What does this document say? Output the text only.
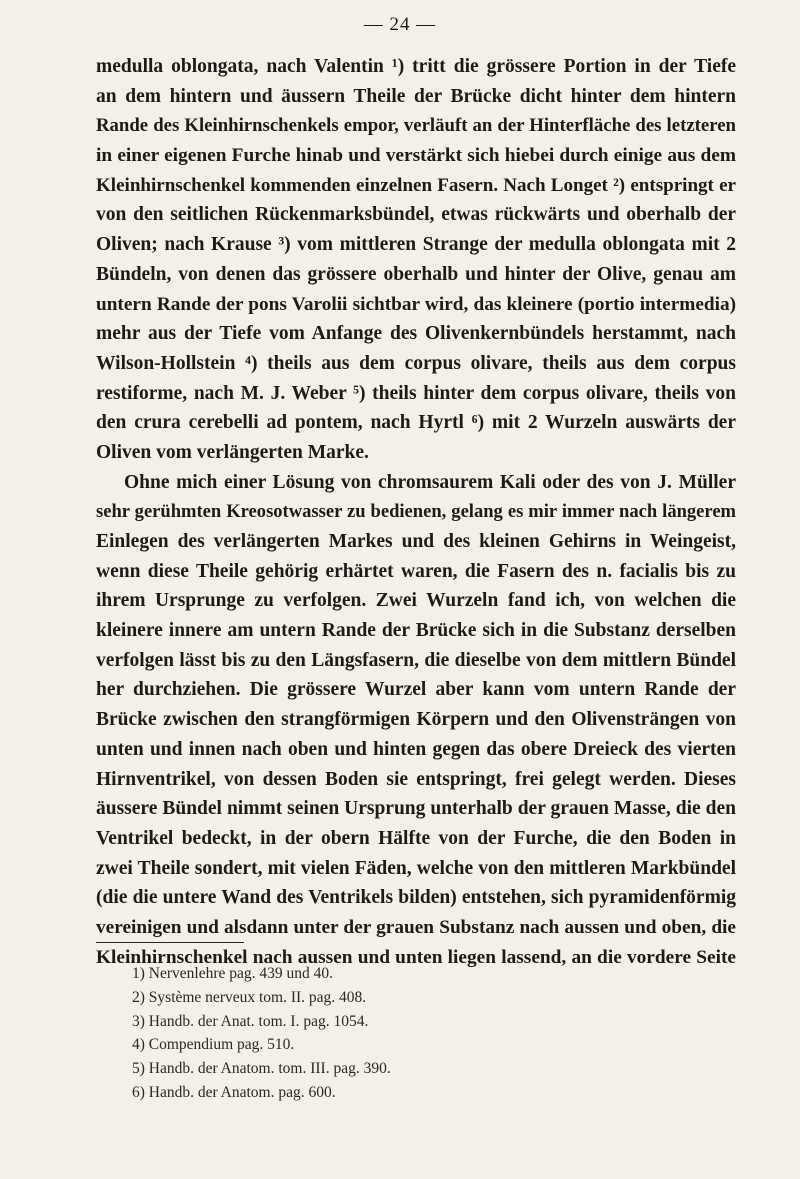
— 24 —
medulla oblongata, nach Valentin ¹) tritt die grössere Portion in der Tiefe
an dem hintern und äussern Theile der Brücke dicht hinter dem hintern
Rande des Kleinhirnschenkels empor, verläuft an der Hinterfläche des letzteren
in einer eigenen Furche hinab und verstärkt sich hiebei durch einige aus dem
Kleinhirnschenkel kommenden einzelnen Fasern. Nach Longet ²) entspringt er
von den seitlichen Rückenmarksbündel, etwas rückwärts und oberhalb der
Oliven; nach Krause ³) vom mittleren Strange der medulla oblongata mit 2
Bündeln, von denen das grössere oberhalb und hinter der Olive, genau am
untern Rande der pons Varolii sichtbar wird, das kleinere (portio intermedia)
mehr aus der Tiefe vom Anfange des Olivenkernbündels herstammt, nach
Wilson-Hollstein ⁴) theils aus dem corpus olivare, theils aus dem corpus
restiforme, nach M. J. Weber ⁵) theils hinter dem corpus olivare, theils von
den crura cerebelli ad pontem, nach Hyrtl ⁶) mit 2 Wurzeln auswärts der
Oliven vom verlängerten Marke.
Ohne mich einer Lösung von chromsaurem Kali oder des von J. Müller
sehr gerühmten Kreosotwasser zu bedienen, gelang es mir immer nach längerem
Einlegen des verlängerten Markes und des kleinen Gehirns in Weingeist,
wenn diese Theile gehörig erhärtet waren, die Fasern des n. facialis bis zu
ihrem Ursprunge zu verfolgen. Zwei Wurzeln fand ich, von welchen die
kleinere innere am untern Rande der Brücke sich in die Substanz derselben
verfolgen lässt bis zu den Längsfasern, die dieselbe von dem mittlern Bündel
her durchziehen. Die grössere Wurzel aber kann vom untern Rande der
Brücke zwischen den strangförmigen Körpern und den Olivensträngen von
unten und innen nach oben und hinten gegen das obere Dreieck des vierten
Hirnventrikel, von dessen Boden sie entspringt, frei gelegt werden. Dieses
äussere Bündel nimmt seinen Ursprung unterhalb der grauen Masse, die den
Ventrikel bedeckt, in der obern Hälfte von der Furche, die den Boden in
zwei Theile sondert, mit vielen Fäden, welche von den mittleren Markbündel
(die die untere Wand des Ventrikels bilden) entstehen, sich pyramidenförmig
vereinigen und alsdann unter der grauen Substanz nach aussen und oben, die
Kleinhirnschenkel nach aussen und unten liegen lassend, an die vordere Seite
1) Nervenlehre pag. 439 und 40.
2) Système nerveux tom. II. pag. 408.
3) Handb. der Anat. tom. I. pag. 1054.
4) Compendium pag. 510.
5) Handb. der Anatom. tom. III. pag. 390.
6) Handb. der Anatom. pag. 600.
